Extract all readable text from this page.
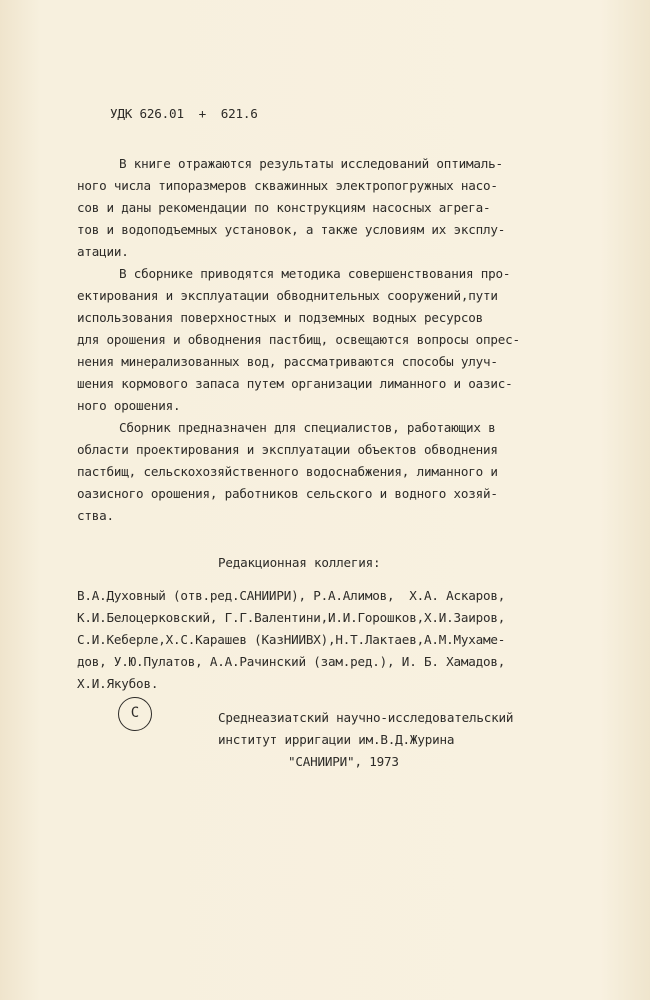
УДК 626.01  +  621.6
В книге отражаются результаты исследований оптималь-
ного числа типоразмеров скважинных электропогружных насо-
сов и даны рекомендации по конструкциям насосных агрега-
тов и водоподъемных установок, а также условиям их эксплу-
атации.
В сборнике приводятся методика совершенствования про-
ектирования и эксплуатации обводнительных сооружений,пути
использования поверхностных и подземных водных ресурсов
для орошения и обводнения пастбищ, освещаются вопросы опрес-
нения минерализованных вод, рассматриваются способы улуч-
шения кормового запаса путем организации лиманного и оазис-
ного орошения.
Сборник предназначен для специалистов, работающих в
области проектирования и эксплуатации объектов обводнения
пастбищ, сельскохозяйственного водоснабжения, лиманного и
оазисного орошения, работников сельского и водного хозяй-
ства.
Редакционная коллегия:
В.А.Духовный (отв.ред.САНИИРИ), Р.А.Алимов,  Х.А. Аскаров,
К.И.Белоцерковский, Г.Г.Валентини,И.И.Горошков,Х.И.Заиров,
С.И.Keберле,Х.С.Карашев (КазНИИВХ),Н.Т.Лактаев,А.М.Мухаме-
дов, У.Ю.Пулатов, А.А.Рачинский (зам.ред.), И. Б. Хамадов,
Х.И.Якубов.
C	Среднеазиатский научно-исследовательский
институт ирригации им.В.Д.Журина
"САНИИРИ", 1973
